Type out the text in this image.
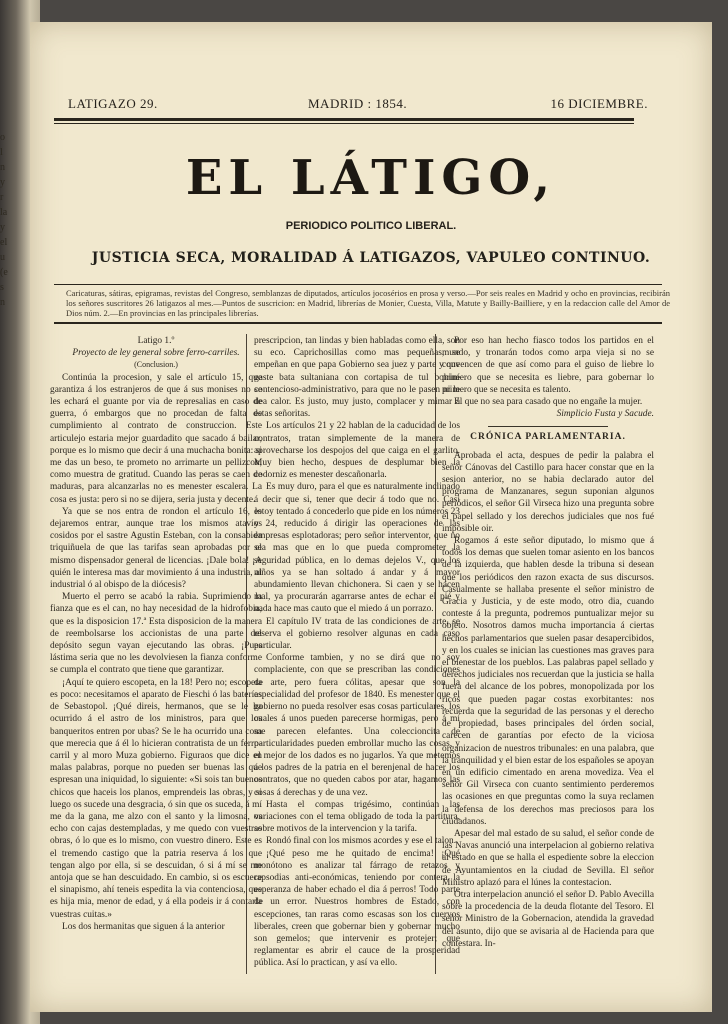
o
l
n
y
r
la
y
el
u
(e
s
n
LATIGAZO 29.	MADRID : 1854.	16 DICIEMBRE.
EL LÁTIGO,
PERIODICO POLITICO LIBERAL.
JUSTICIA SECA, MORALIDAD Á LATIGAZOS, VAPULEO CONTINUO.
Caricaturas, sátiras, epigramas, revistas del Congreso, semblanzas de diputados, artículos jocosérios en prosa y verso.—Por seis reales en Madrid y ocho en provincias, recibirán los señores suscritores 26 latigazos al mes.—Puntos de suscricion: en Madrid, librerías de Monier, Cuesta, Villa, Matute y Bailly-Bailliere, y en la redaccion calle del Amor de Dios núm. 2.—En provincias en las principales librerías.

Latigo 1.º

Proyecto de ley general sobre ferro-carriles.

(Conclusion.)

Continúa la procesion, y sale el artículo 15, que garantiza á los estranjeros de que á sus monises no se les echará el guante por via de represalias en caso de guerra, ó embargos que no procedan de falta de cumplimiento al contrato de construccion. Este articulejo estaria mejor guardadito que sacado á bailar, porque es lo mismo que decir á una muchacha bonita: si me das un beso, te prometo no arrimarte un pellizcon, como muestra de gratitud. Cuando las peras se caen de maduras, para alcanzarlas no es menester escalera. La cosa es justa: pero si no se dijera, seria justa y decente.

Ya que se nos entra de rondon el artículo 16, lo dejaremos entrar, aunque trae los mismos atavíos cosidos por el sastre Agustin Esteban, con la consabida triquiñuela de que las tarifas sean aprobadas por el mismo dispensador general de licencias. ¡Dale bola! ¡A quién le interesa mas dar movimiento á una industria, al industrial ó al obispo de la diócesis?

Muerto el perro se acabó la rabia. Suprimiendo la fianza que es el can, no hay necesidad de la hidrofobia, que es la disposicion 17.ª Esta disposicion de la manera de reembolsarse los accionistas de una parte del depósito segun vayan ejecutando las obras. ¡Pues lástima seria que no les devolviesen la fianza conforme se cumpla el contrato que tiene que garantizar.

¡Aquí te quiero escopeta, en la 18! Pero no; escopeta es poco: necesitamos el aparato de Fieschi ó las baterías de Sebastopol. ¡Qué direis, hermanos, que se le ha ocurrido á el astro de los ministros, para que los banqueritos entren por ubas? Se le ha ocurrido una cosa que merecia que á él lo hicieran contratista de un ferro-carril y al moro Muza gobierno. Figuraos que dice en malas palabras, porque no pueden ser buenas las que espresan una iniquidad, lo siguiente: «Si sois tan buenos chicos que haceis los planos, emprendeis las obras, y si luego os sucede una desgracia, ó sin que os suceda, á mí me da la gana, me alzo con el santo y la limosna, os echo con cajas destempladas, y me quedo con vuestras obras, ó lo que es lo mismo, con vuestro dinero. Este es el tremendo castigo que la patria reserva á los que tengan algo por ella, si se descuidan, ó si á mí se me antoja que se han descuidado. En cambio, si os escuece el sinapismo, ahí teneis espedita la via contenciosa, que es hija mia, menor de edad, y á ella podeis ir á contarla vuestras cuitas.»

Los dos hermanitas que siguen á la anterior

prescripcion, tan lindas y bien habladas como ella, son su eco. Caprichosillas como mas pequeñas, se empeñan en que papa Gobierno sea juez y parte y que gaste bata sultaniana con cortapisa de tul bobiné contencioso-administrativo, para que no le pasen ni le dea calor. Es justo, muy justo, complacer y mimar á estas señoritas.

Los artículos 21 y 22 hablan de la caducidad de los contratos, tratan simplemente de la manera de aprovecharse los despojos del que caiga en el garlito. Muy bien hecho, despues de desplumar bien la codorniz es menester descañonarla.

Es muy duro, para el que es naturalmente inclinado á decir que si, tener que decir á todo que no. Casi estoy tentado á concederlo que pide en los números 23 y 24, reducido á dirigir las operaciones de las empresas esplotadoras; pero señor interventor, que no sea mas que en lo que pueda comprometer la seguridad pública, en lo demas dejelos V., que los niños ya se han soltado á andar y á mayor abundamiento llevan chichonera. Si caen y se hacen mal, ya procurarán agarrarse antes de echar el pié y nada hace mas cauto que el miedo á un porrazo.

El capítulo IV trata de las condiciones de arte, se reserva el gobierno resolver algunas en cada caso particular.

Conforme tambien, y no se dirá que no soy complaciente, con que se prescriban las condiciones de arte, pero fuera cólitas, apesar que son la especialidad del profesor de 1840. Es menester que el gobierno no pueda resolver esas cosas particulares, los cuales á unos pueden parecerse hormigas, pero á mí me parecen elefantes. Una coleccioncita de particularidades pueden embrollar mucho las cosas, y el mejor de los dados es no jugarlos. Ya que metemos á los padres de la patria en el berenjenal de hacer los contratos, que no queden cabos por atar, hagamos las cosas á derechas y de una vez.

Hasta el compas trigésimo, continúan las variaciones con el tema obligado de toda la partitura, sobre motivos de la intervencion y la tarifa.

Rondó final con los mismos acordes y ese el talon.

¡Qué peso me he quitado de encima! ¡Qué monótono es analizar tal fárrago de retazos y rapsodias anti-económicas, teniendo por contera la esperanza de haber echado el dia á perros! Todo parte de un error. Nuestros hombres de Estado, con escepciones, tan raras como escasas son los cuervos liberales, creen que gobernar bien y gobernar mucho son gemelos; que intervenir es protejer; que reglamentar es abrir el cauce de la prosperidad pública. Así lo practican, y así va ello.

Por eso han hecho fiasco todos los partidos en el mundo, y tronarán todos como arpa vieja si no se convencen de que así como para el guiso de liebre lo primero que se necesita es liebre, para gobernar lo primero que se necesita es talento.

El que no sea para casado que no engañe la mujer.

Simplicio Fusta y Sacude.

CRÓNICA PARLAMENTARIA.

Aprobada el acta, despues de pedir la palabra el señor Cánovas del Castillo para hacer constar que en la sesion anterior, no se habia declarado autor del programa de Manzanares, segun suponian algunos periódicos, el señor Gil Virseca hizo una pregunta sobre el papel sellado y los derechos judiciales que nos fué imposible oir.

Rogamos á este señor diputado, lo mismo que á todos los demas que suelen tomar asiento en los bancos de la izquierda, que hablen desde la tribuna si desean que los periódicos den razon exacta de sus discursos. Casualmente se hallaba presente el señor ministro de Gracia y Justicia, y de este modo, otro dia, cuando conteste á la pregunta, podremos puntualizar mejor su objeto. Nosotros damos mucha importancia á ciertas hechos parlamentarios que suelen pasar desapercibidos, y en los cuales se inician las cuestiones mas graves para el bienestar de los pueblos. Las palabras papel sellado y derechos judiciales nos recuerdan que la justicia se halla fuera del alcance de los pobres, monopolizada por los ricos que pueden pagar costas exorbitantes: nos recuerda que la seguridad de las personas y el derecho de propiedad, bases principales del órden social, carecen de garantías por efecto de la viciosa organizacion de nuestros tribunales: en una palabra, que la tranquilidad y el bien estar de los españoles se apoyan en un edificio cimentado en arena movediza. Vea el señor Gil Virseca con cuanto sentimiento perderemos las ocasiones en que preguntas como la suya reclamen la defensa de los derechos mas preciosos para los ciudadanos.

Apesar del mal estado de su salud, el señor conde de las Navas anunció una interpelacion al gobierno relativa al estado en que se halla el espediente sobre la eleccion de Ayuntamientos en la ciudad de Sevilla. El señor Ministro aplazó para el lúnes la contestacion.

Otra interpelacion anunció el señor D. Pablo Avecilla sobre la procedencia de la deuda flotante del Tesoro. El señor Ministro de la Gobernacion, atendida la gravedad del asunto, dijo que se avisaria al de Hacienda para que contestara. In-
